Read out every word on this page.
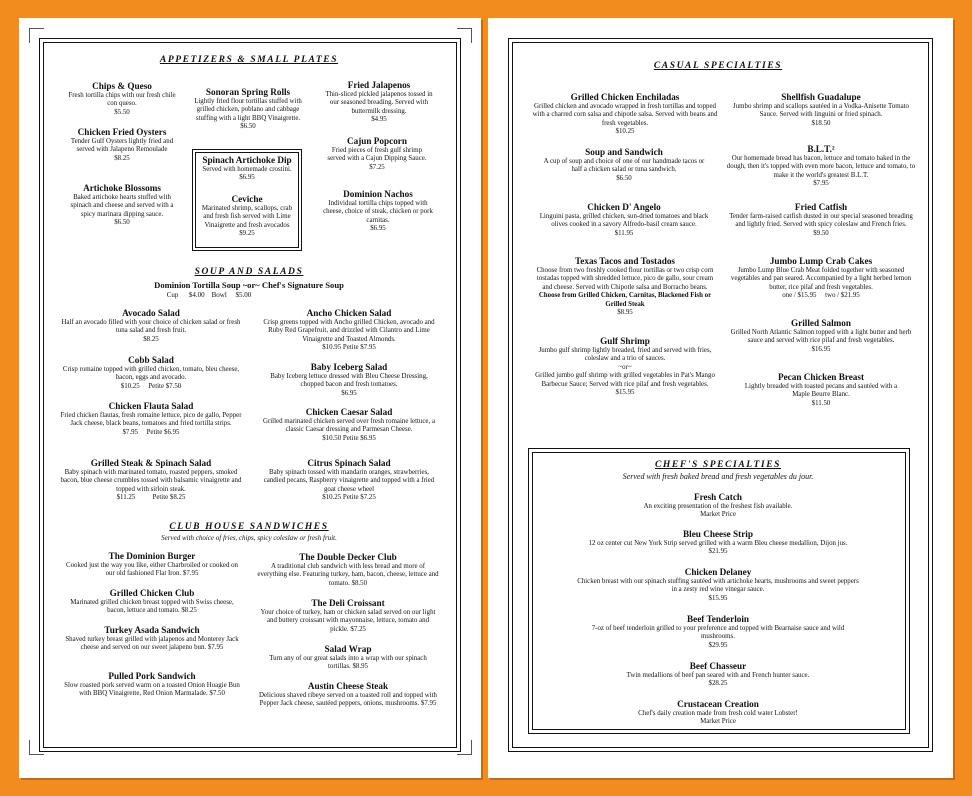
APPETIZERS & SMALL PLATES
Chips & Queso
Fresh tortilla chips with our fresh chile con queso.
$5.50
Chicken Fried Oysters
Tender Gulf Oysters lightly fried and served with Jalapeno Remoulade
$8.25
Artichoke Blossoms
Baked artichoke hearts stuffed with spinach and cheese and served with a spicy marinara dipping sauce.
$6.50
Sonoran Spring Rolls
Lightly fried flour tortillas stuffed with grilled chicken, poblano and cabbage stuffing with a light BBQ Vinaigrette.
$6.50
Spinach Artichoke Dip
Served with homemade crostini. $6.95
Ceviche
Marinated shrimp, scallops, crab and fresh fish served with Lime Vinaigrette and fresh avocados
$9.25
Fried Jalapenos
Thin-sliced pickled jalapenos tossed in our seasoned breading. Served with buttermilk dressing.
$4.95
Cajun Popcorn
Fried pieces of fresh gulf shrimp served with a Cajun Dipping Sauce.
$7.25
Dominion Nachos
Individual tortilla chips topped with cheese, choice of steak, chicken or pork carnitas.
$6.95
SOUP AND SALADS
Dominion Tortilla Soup ~or~ Chef's Signature Soup
Cup      $4.00    Bowl     $5.00
Avocado Salad
Half an avocado filled with your choice of chicken salad or fresh tuna salad and fresh fruit.
$8.25
Cobb Salad
Crisp romaine topped with grilled chicken, tomato, bleu cheese, bacon, eggs and avocado.
$10.25     Petite $7.50
Chicken Flauta Salad
Fried chicken flautas, fresh romaine lettuce, pico de gallo, Pepper Jack cheese, black beans, tomatoes and fried tortilla strips.
$7.95     Petite $6.95
Grilled Steak & Spinach Salad
Baby spinach with marinated tomato, roasted peppers, smoked bacon, blue cheese crumbles tossed with balsamic vinaigrette and topped with sirloin steak.
$11.25          Petite $8.25
Ancho Chicken Salad
Crisp greens topped with Ancho grilled Chicken, avocado and Ruby Red Grapefruit, and drizzled with Cilantro and Lime Vinaigrette and Toasted Almonds.
$10.95 Petite $7.95
Baby Iceberg Salad
Baby Iceberg lettuce dressed with Bleu Cheese Dressing, chopped bacon and fresh tomatoes.
$6.95
Chicken Caesar Salad
Grilled marinated chicken served over fresh romaine lettuce, a classic Caesar dressing and Parmesan Cheese.
$10.50 Petite $6.95
Citrus Spinach Salad
Baby spinach tossed with mandarin oranges, strawberries, candied pecans, Raspberry vinaigrette and topped with a fried goat cheese wheel
$10.25 Petite $7.25
CLUB HOUSE SANDWICHES
Served with choice of fries, chips, spicy coleslaw or fresh fruit.
The Dominion Burger
Cooked just the way you like, either Charbroiled or cooked on our old fashioned Flat Iron. $7.95
Grilled Chicken Club
Marinated grilled chicken breast topped with Swiss cheese, bacon, lettuce and tomato. $8.25
Turkey Asada Sandwich
Shaved turkey breast grilled with jalapenos and Monterey Jack cheese and served on our sweet jalapeno bun. $7.95
Pulled Pork Sandwich
Slow roasted pork served warm on a toasted Onion Hoagie Bun with BBQ Vinaigrette, Red Onion Marmalade. $7.50
The Double Decker Club
A traditional club sandwich with less bread and more of everything else. Featuring turkey, ham, bacon, cheese, lettuce and tomato. $8.50
The Deli Croissant
Your choice of turkey, ham or chicken salad served on our light and buttery croissant with mayonnaise, lettuce, tomato and pickle. $7.25
Salad Wrap
Turn any of our great salads into a wrap with our spinach tortillas. $8.95
Austin Cheese Steak
Delicious shaved ribeye served on a toasted roll and topped with Pepper Jack cheese, sautéed peppers, onions, mushrooms. $7.95
CASUAL SPECIALTIES
Grilled Chicken Enchiladas
Grilled chicken and avocado wrapped in fresh tortillas and topped with a charred corn salsa and chipotle salsa. Served with beans and fresh vegetables.
$10.25
Soup and Sandwich
A cup of soup and choice of one of our handmade tacos or half a chicken salad or tuna sandwich.
$6.50
Chicken D' Angelo
Linguini pasta, grilled chicken, sun-dried tomatoes and black olives cooked in a savory Alfredo-basil cream sauce.
$11.95
Texas Tacos and Tostados
Choose from two freshly cooked flour tortillas or two crisp corn tostadas topped with shredded lettuce, pico de gallo, sour cream and cheese. Served with Chipotle salsa and Borracho beans.
Choose from Grilled Chicken, Carnitas, Blackened Fish or Grilled Steak
$8.95
Gulf Shrimp
Jumbo gulf shrimp lightly breaded, fried and served with fries, coleslaw and a trio of sauces.
~or~
Grilled jumbo gulf shrimp with grilled vegetables in Pat's Mango Barbecue Sauce; Served with rice pilaf and fresh vegetables.
$15.95
Shellfish Guadalupe
Jumbo shrimp and scallops sautéed in a Vodka-Anisette Tomato Sauce. Served with linguini or fried spinach.
$18.50
B.L.T.²
Our homemade bread has bacon, lettuce and tomato baked in the dough, then it's topped with even more bacon, lettuce and tomato, to make it the world's greatest B.L.T.
$7.95
Fried Catfish
Tender farm-raised catfish dusted in our special seasoned breading and lightly fried. Served with spicy coleslaw and French fries.
$9.50
Jumbo Lump Crab Cakes
Jumbo Lump Blue Crab Meat folded together with seasoned vegetables and pan seared. Accompanied by a light herbed lemon butter, rice pilaf and fresh vegetables.
one / $15.95     two / $21.95
Grilled Salmon
Grilled North Atlantic Salmon topped with a light butter and herb sauce and served with rice pilaf and fresh vegetables.
$16.95
Pecan Chicken Breast
Lightly breaded with toasted pecans and sautéed with a Maple Beurre Blanc.
$11.50
CHEF'S SPECIALTIES
Served with fresh baked bread and fresh vegetables du jour.
Fresh Catch
An exciting presentation of the freshest fish available.
Market Price
Bleu Cheese Strip
12 oz center cut New York Strip served grilled with a warm Bleu cheese medallion, Dijon jus.
$21.95
Chicken Delaney
Chicken breast with our spinach stuffing sautéed with artichoke hearts, mushrooms and sweet peppers in a zesty red wine vinegar sauce.
$15.95
Beef Tenderloin
7-oz of beef tenderloin grilled to your preference and topped with Bearnaise sauce and wild mushrooms.
$29.95
Beef Chasseur
Twin medallions of beef pan seared with and French hunter sauce.
$28.25
Crustacean Creation
Chef's daily creation made from fresh cold water Lobster!
Market Price
